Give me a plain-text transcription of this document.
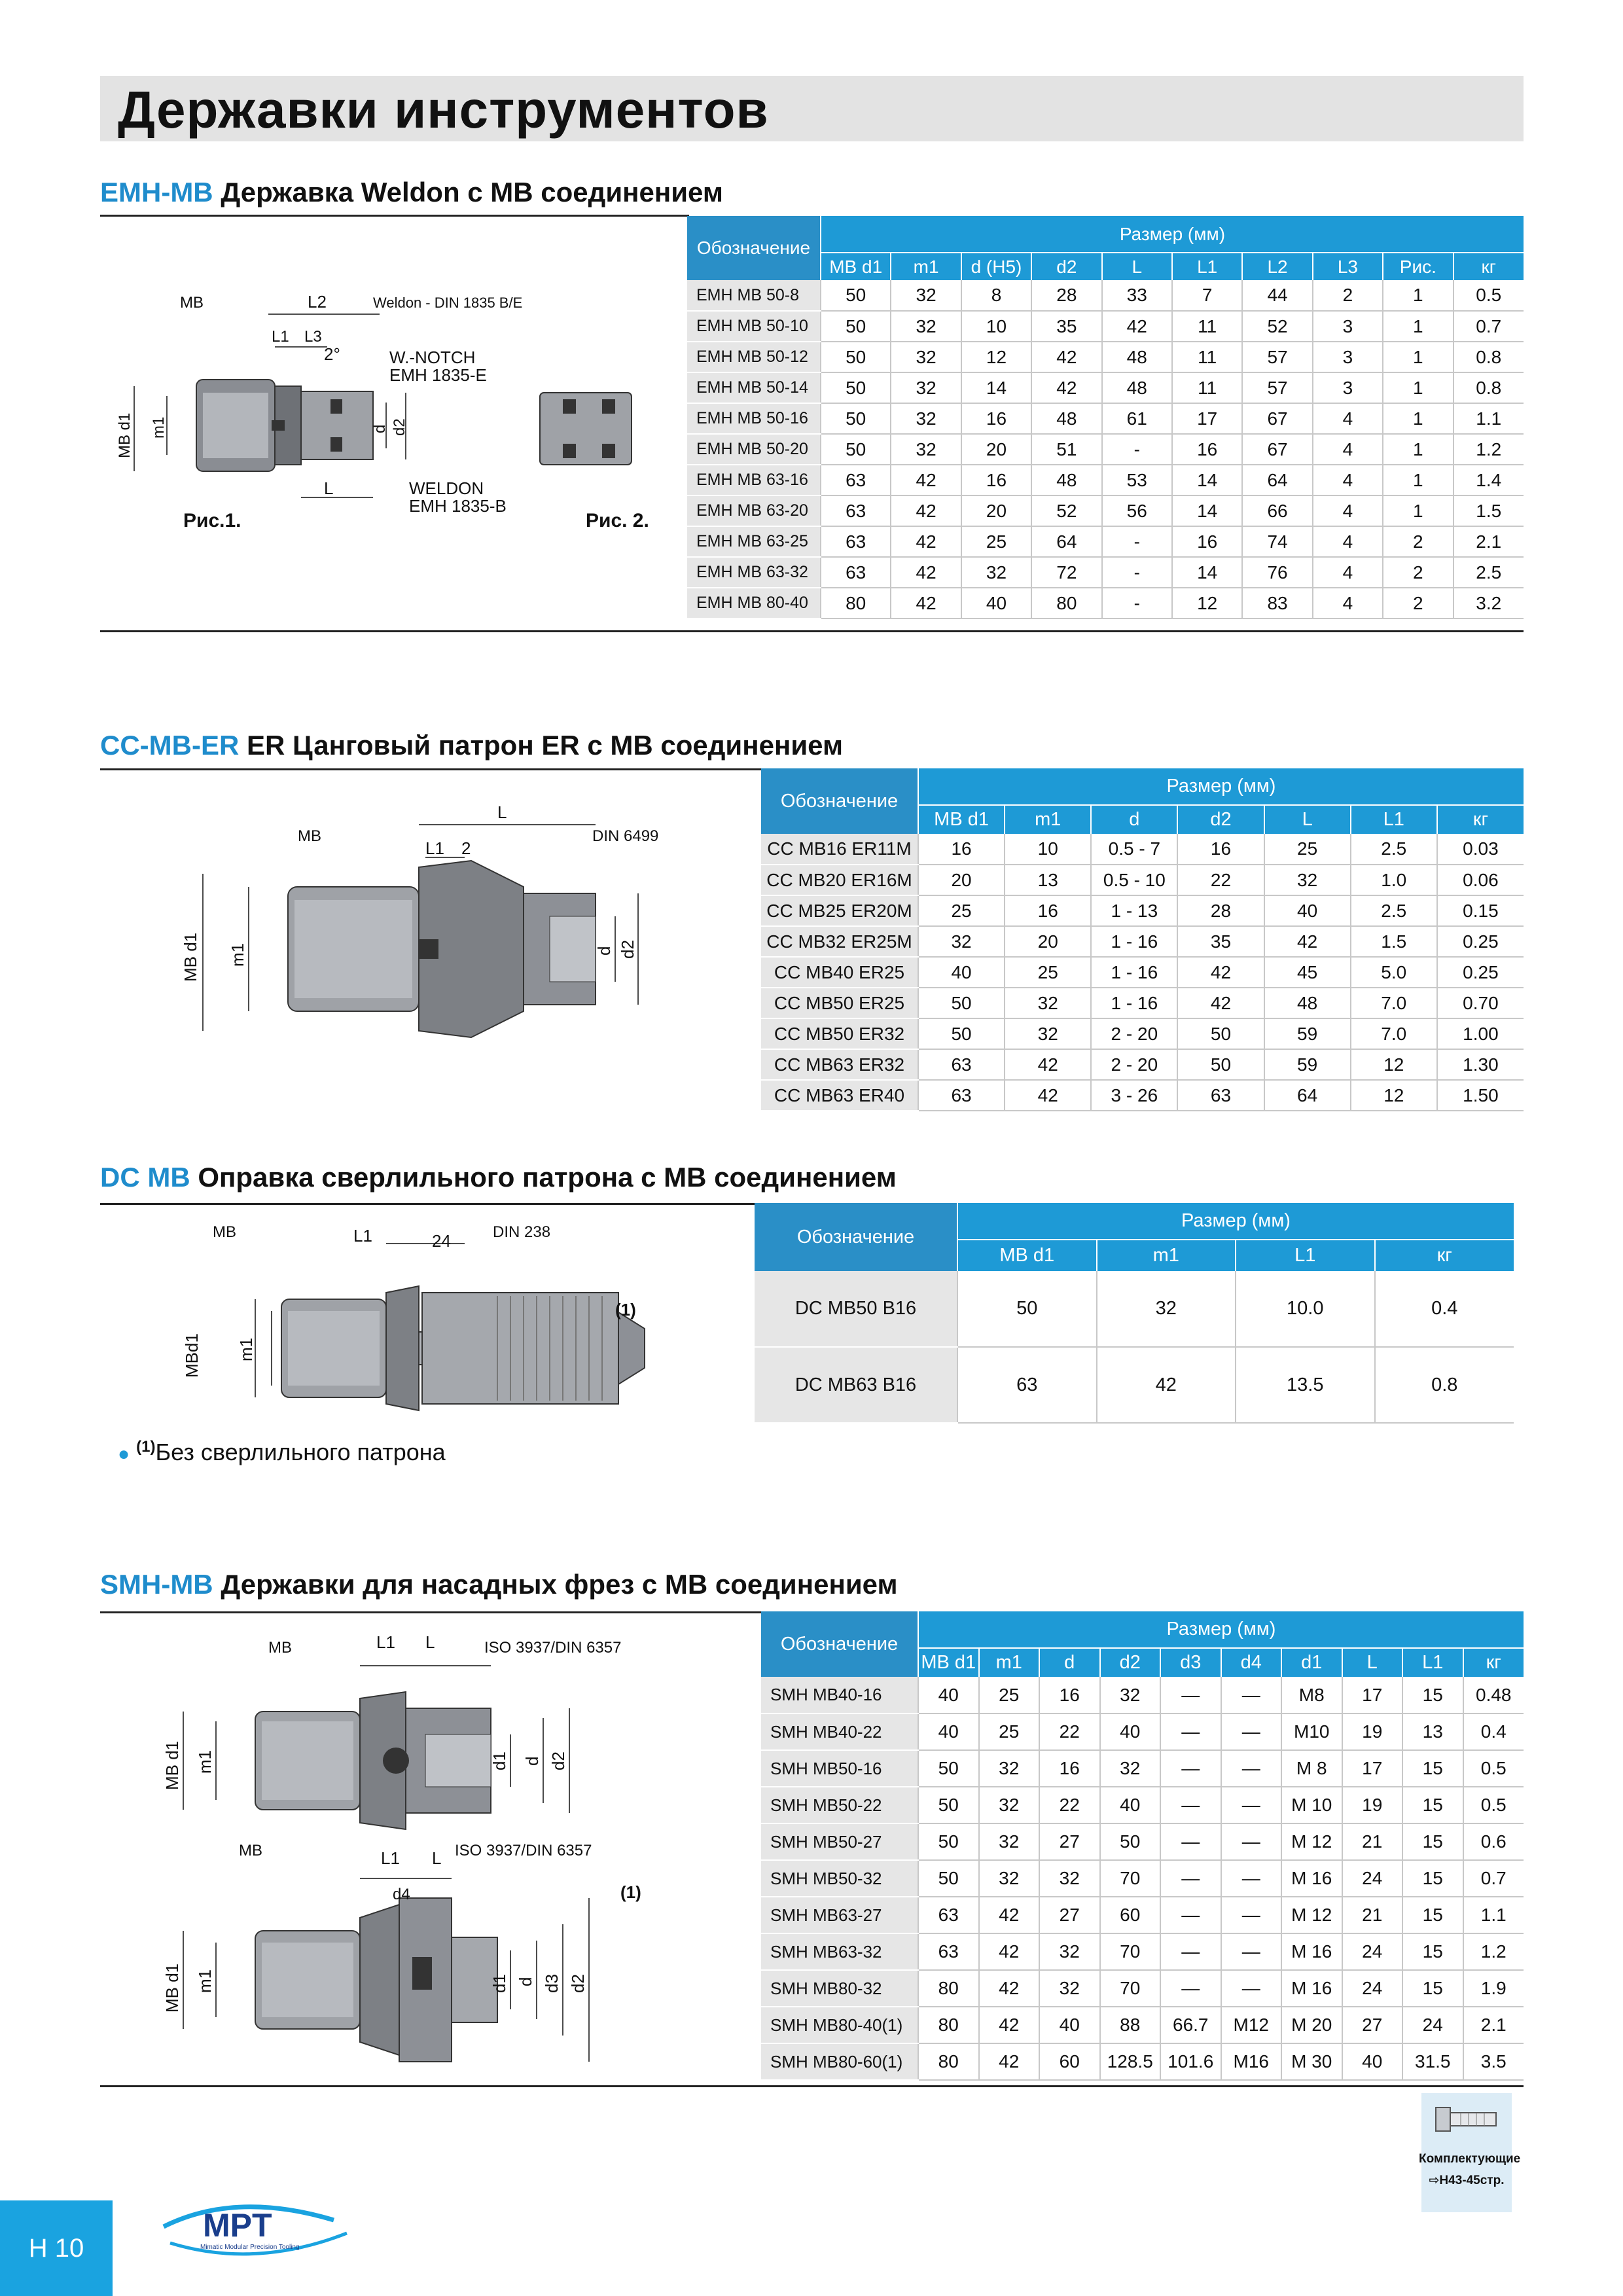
Державки инструментов
EMH-MB Державка Weldon с MB соединением
MB	L2	Weldon - DIN 1835 B/E
L1 L3
2°	W.-NOTCH
EMH 1835-E
MB d1 m1	d d2
L	WELDON
EMH 1835-B
Рис.1.	Рис. 2.
Обозначение	Размер (мм)									
	MB d1	m1	d (H5)	d2	L	L1	L2	L3	Рис.	кг
EMH MB 50-8	50	32	8	28	33	7	44	2	1	0.5
EMH MB 50-10	50	32	10	35	42	11	52	3	1	0.7
EMH MB 50-12	50	32	12	42	48	11	57	3	1	0.8
EMH MB 50-14	50	32	14	42	48	11	57	3	1	0.8
EMH MB 50-16	50	32	16	48	61	17	67	4	1	1.1
EMH MB 50-20	50	32	20	51	-	16	67	4	1	1.2
EMH MB 63-16	63	42	16	48	53	14	64	4	1	1.4
EMH MB 63-20	63	42	20	52	56	14	66	4	1	1.5
EMH MB 63-25	63	42	25	64	-	16	74	4	2	2.1
EMH MB 63-32	63	42	32	72	-	14	76	4	2	2.5
EMH MB 80-40	80	42	40	80	-	12	83	4	2	3.2
CC-MB-ER ER Цанговый патрон ER с MB соединением
MB
L
DIN 6499
L1 2
MB d1 m1	d d2
Обозначение	Размер (мм)						
	MB d1	m1	d	d2	L	L1	кг
CC MB16 ER11M	16	10	0.5 - 7	16	25	2.5	0.03
CC MB20 ER16M	20	13	0.5 - 10	22	32	1.0	0.06
CC MB25 ER20M	25	16	1 - 13	28	40	2.5	0.15
CC MB32 ER25M	32	20	1 - 16	35	42	1.5	0.25
CC MB40 ER25	40	25	1 - 16	42	45	5.0	0.25
CC MB50 ER25	50	32	1 - 16	42	48	7.0	0.70
CC MB50 ER32	50	32	2 - 20	50	59	7.0	1.00
CC MB63 ER32	63	42	2 - 20	50	59	12	1.30
CC MB63 ER40	63	42	3 - 26	63	64	12	1.50
DC MB Оправка сверлильного патрона с MB соединением
MB	L1	24	DIN 238
(1)
MBd1 m1
Обозначение	Размер (мм)			
	MB d1	m1	L1	кг
DC MB50 B16	50	32	10.0	0.4
DC MB63 B16	63	42	13.5	0.8
● $^{(1)}$Без сверлильного патрона
SMH-MB Державки для насадных фрез с MB соединением
MB	L1 L	ISO 3937/DIN 6357
MB d1 m1	d1 d d2
MB	L1 L ISO 3937/DIN 6357
(1)
d4
MB d1 m1	d1 d d3 d2
Обозначение	Размер (мм)									
	MB d1	m1	d	d2	d3	d4	d1	L	L1	кг
SMH MB40-16	40	25	16	32	—	—	M8	17	15	0.48
SMH MB40-22	40	25	22	40	—	—	M10	19	13	0.4
SMH MB50-16	50	32	16	32	—	—	M 8	17	15	0.5
SMH MB50-22	50	32	22	40	—	—	M 10	19	15	0.5
SMH MB50-27	50	32	27	50	—	—	M 12	21	15	0.6
SMH MB50-32	50	32	32	70	—	—	M 16	24	15	0.7
SMH MB63-27	63	42	27	60	—	—	M 12	21	15	1.1
SMH MB63-32	63	42	32	70	—	—	M 16	24	15	1.2
SMH MB80-32	80	42	32	70	—	—	M 16	24	15	1.9
SMH MB80-40(1)	80	42	40	88	66.7	M12	M 20	27	24	2.1
SMH MB80-60(1)	80	42	60	128.5	101.6	M16	M 30	40	31.5	3.5
Комплектующие
⇨H43-45стр.
H 10
MPT
Mimatic Modular Precision Tooling
